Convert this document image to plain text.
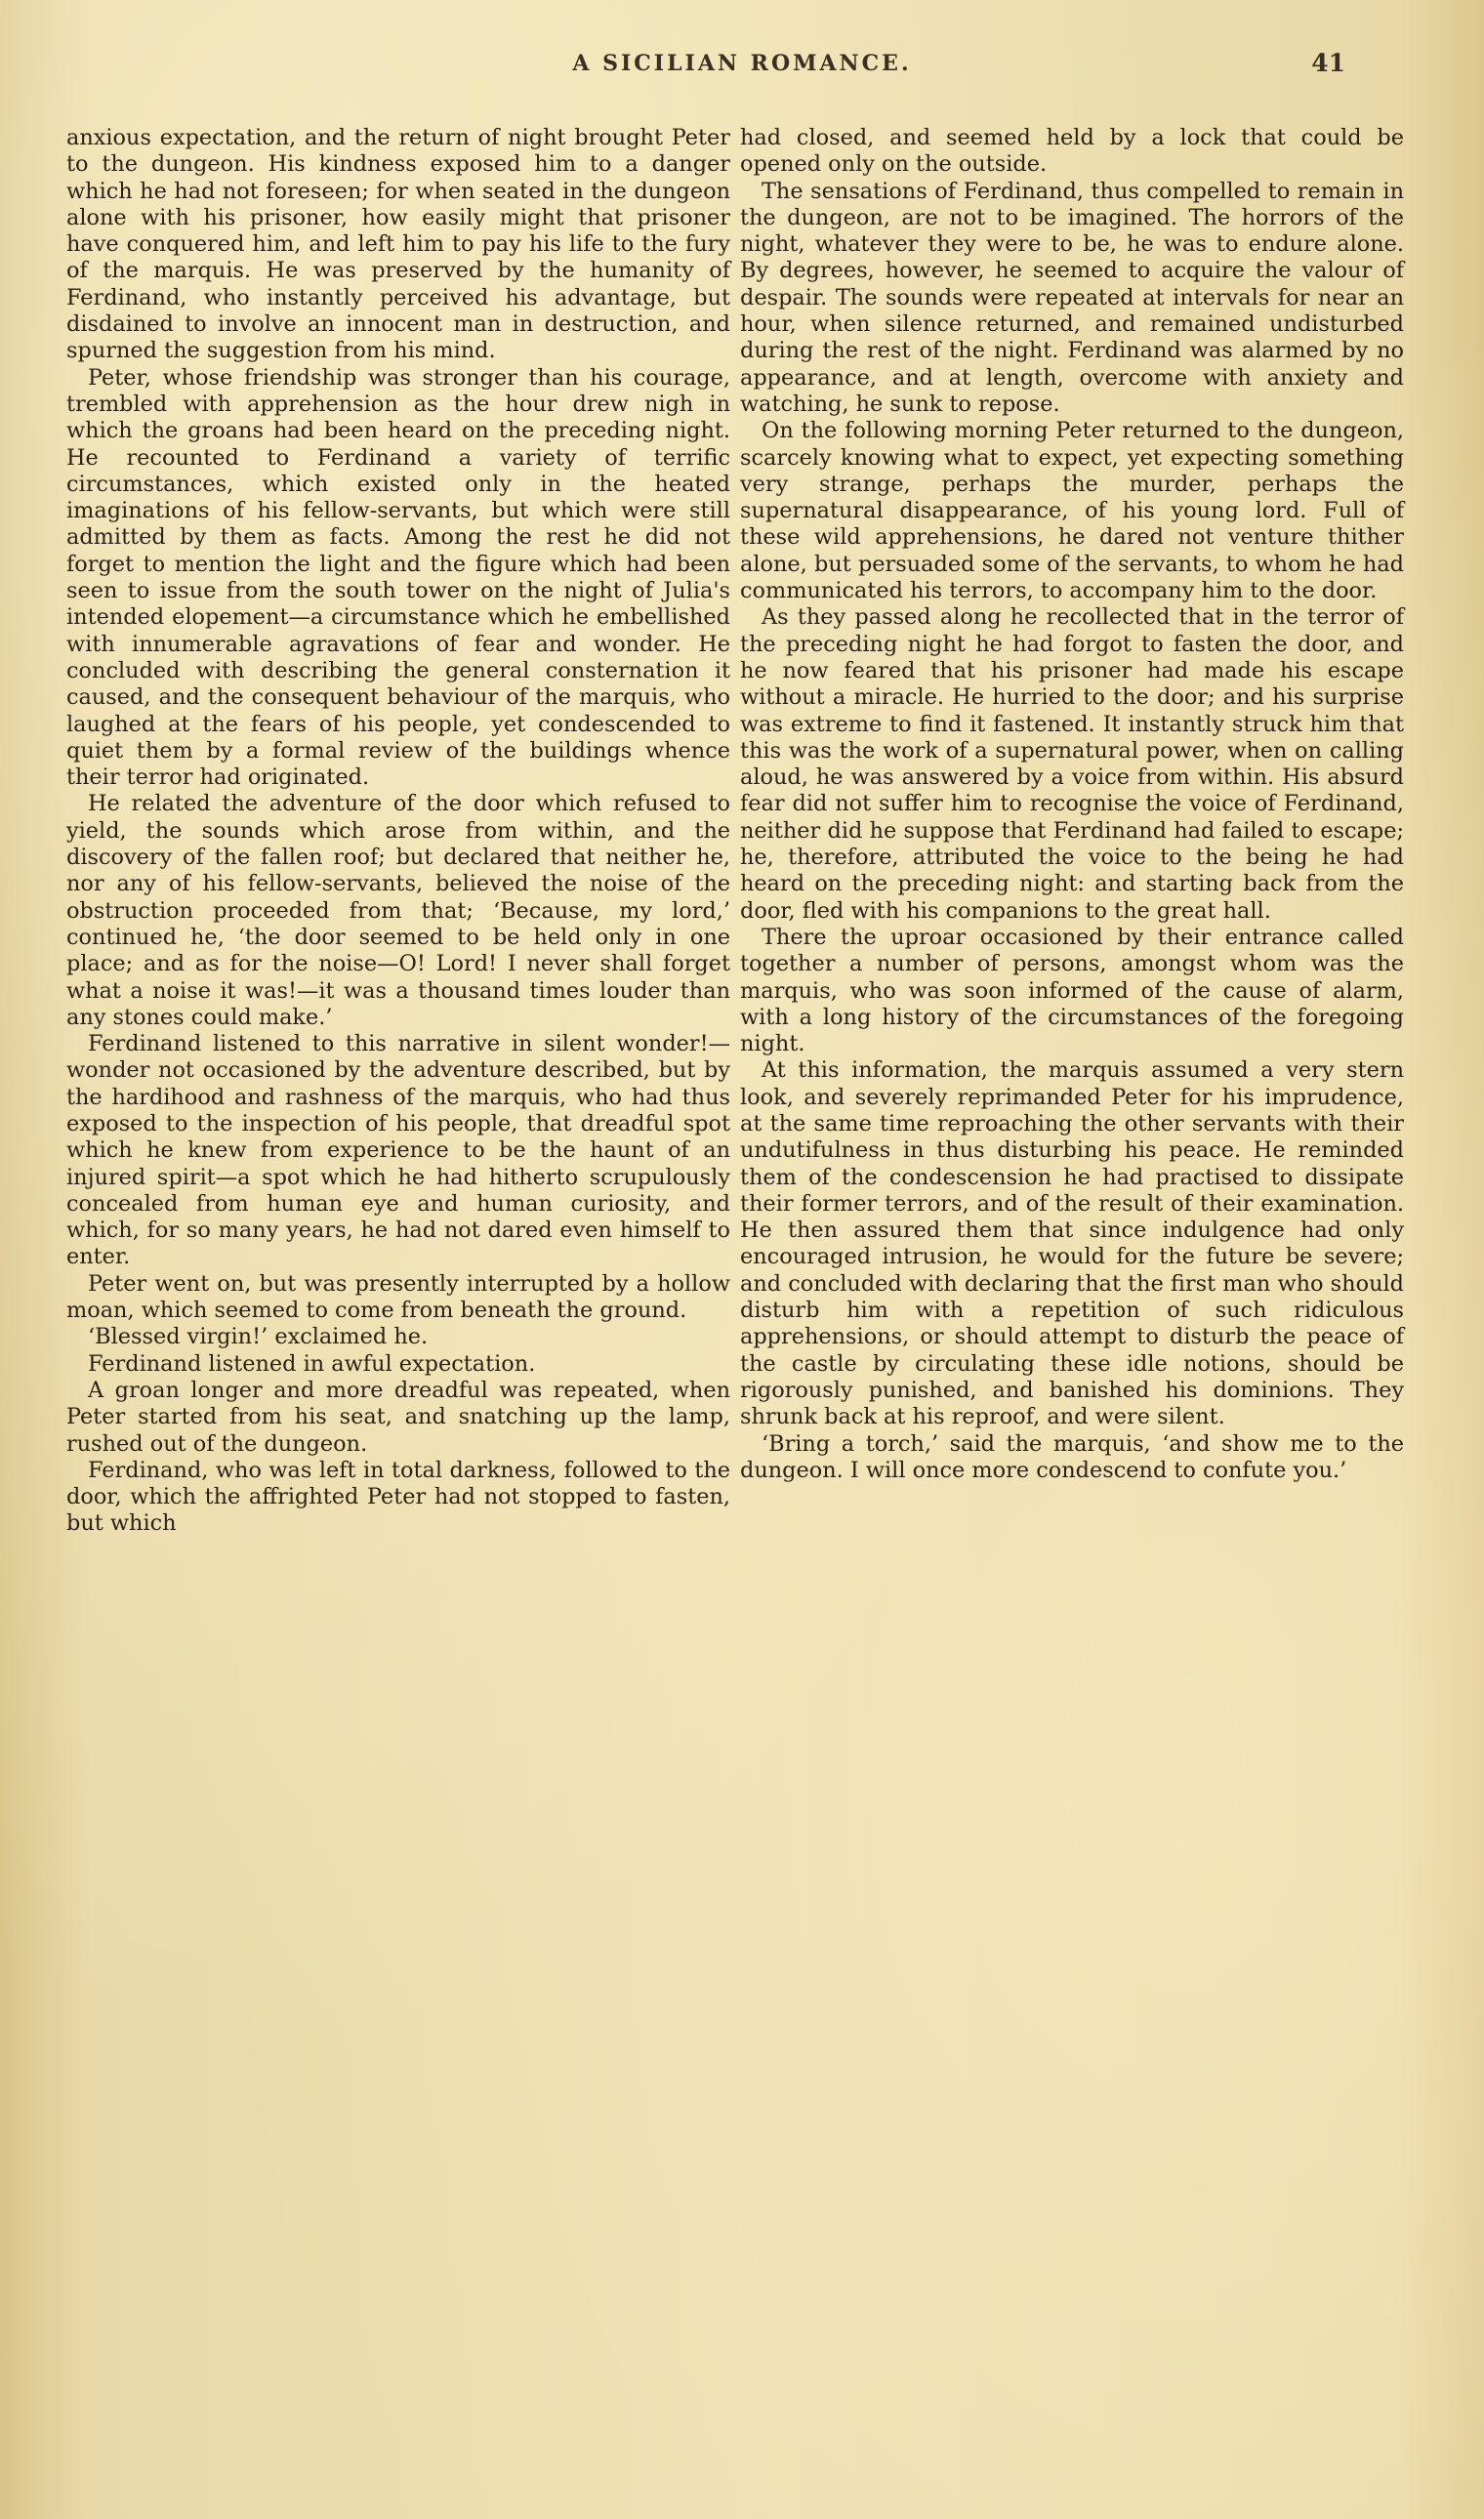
A SICILIAN ROMANCE.	41

anxious expectation, and the return of night brought Peter to the dungeon. His kindness exposed him to a danger which he had not foreseen; for when seated in the dungeon alone with his prisoner, how easily might that prisoner have conquered him, and left him to pay his life to the fury of the marquis. He was preserved by the humanity of Ferdinand, who instantly perceived his advantage, but disdained to involve an innocent man in destruction, and spurned the suggestion from his mind.

Peter, whose friendship was stronger than his courage, trembled with apprehension as the hour drew nigh in which the groans had been heard on the preceding night. He recounted to Ferdinand a variety of terrific circumstances, which existed only in the heated imaginations of his fellow-servants, but which were still admitted by them as facts. Among the rest he did not forget to mention the light and the figure which had been seen to issue from the south tower on the night of Julia's intended elopement—a circumstance which he embellished with innumerable agravations of fear and wonder. He concluded with describing the general consternation it caused, and the consequent behaviour of the marquis, who laughed at the fears of his people, yet condescended to quiet them by a formal review of the buildings whence their terror had originated.

He related the adventure of the door which refused to yield, the sounds which arose from within, and the discovery of the fallen roof; but declared that neither he, nor any of his fellow-servants, believed the noise of the obstruction proceeded from that; ‘Because, my lord,’ continued he, ‘the door seemed to be held only in one place; and as for the noise—O! Lord! I never shall forget what a noise it was!—it was a thousand times louder than any stones could make.’

Ferdinand listened to this narrative in silent wonder!—wonder not occasioned by the adventure described, but by the hardihood and rashness of the marquis, who had thus exposed to the inspection of his people, that dreadful spot which he knew from experience to be the haunt of an injured spirit—a spot which he had hitherto scrupulously concealed from human eye and human curiosity, and which, for so many years, he had not dared even himself to enter.

Peter went on, but was presently interrupted by a hollow moan, which seemed to come from beneath the ground.

‘Blessed virgin!’ exclaimed he.

Ferdinand listened in awful expectation.

A groan longer and more dreadful was repeated, when Peter started from his seat, and snatching up the lamp, rushed out of the dungeon.

Ferdinand, who was left in total darkness, followed to the door, which the affrighted Peter had not stopped to fasten, but which

had closed, and seemed held by a lock that could be opened only on the outside.

The sensations of Ferdinand, thus compelled to remain in the dungeon, are not to be imagined. The horrors of the night, whatever they were to be, he was to endure alone. By degrees, however, he seemed to acquire the valour of despair. The sounds were repeated at intervals for near an hour, when silence returned, and remained undisturbed during the rest of the night. Ferdinand was alarmed by no appearance, and at length, overcome with anxiety and watching, he sunk to repose.

On the following morning Peter returned to the dungeon, scarcely knowing what to expect, yet expecting something very strange, perhaps the murder, perhaps the supernatural disappearance, of his young lord. Full of these wild apprehensions, he dared not venture thither alone, but persuaded some of the servants, to whom he had communicated his terrors, to accompany him to the door.

As they passed along he recollected that in the terror of the preceding night he had forgot to fasten the door, and he now feared that his prisoner had made his escape without a miracle. He hurried to the door; and his surprise was extreme to find it fastened. It instantly struck him that this was the work of a supernatural power, when on calling aloud, he was answered by a voice from within. His absurd fear did not suffer him to recognise the voice of Ferdinand, neither did he suppose that Ferdinand had failed to escape; he, therefore, attributed the voice to the being he had heard on the preceding night: and starting back from the door, fled with his companions to the great hall.

There the uproar occasioned by their entrance called together a number of persons, amongst whom was the marquis, who was soon informed of the cause of alarm, with a long history of the circumstances of the foregoing night.

At this information, the marquis assumed a very stern look, and severely reprimanded Peter for his imprudence, at the same time reproaching the other servants with their undutifulness in thus disturbing his peace. He reminded them of the condescension he had practised to dissipate their former terrors, and of the result of their examination. He then assured them that since indulgence had only encouraged intrusion, he would for the future be severe; and concluded with declaring that the first man who should disturb him with a repetition of such ridiculous apprehensions, or should attempt to disturb the peace of the castle by circulating these idle notions, should be rigorously punished, and banished his dominions. They shrunk back at his reproof, and were silent.

‘Bring a torch,’ said the marquis, ‘and show me to the dungeon. I will once more condescend to confute you.’
